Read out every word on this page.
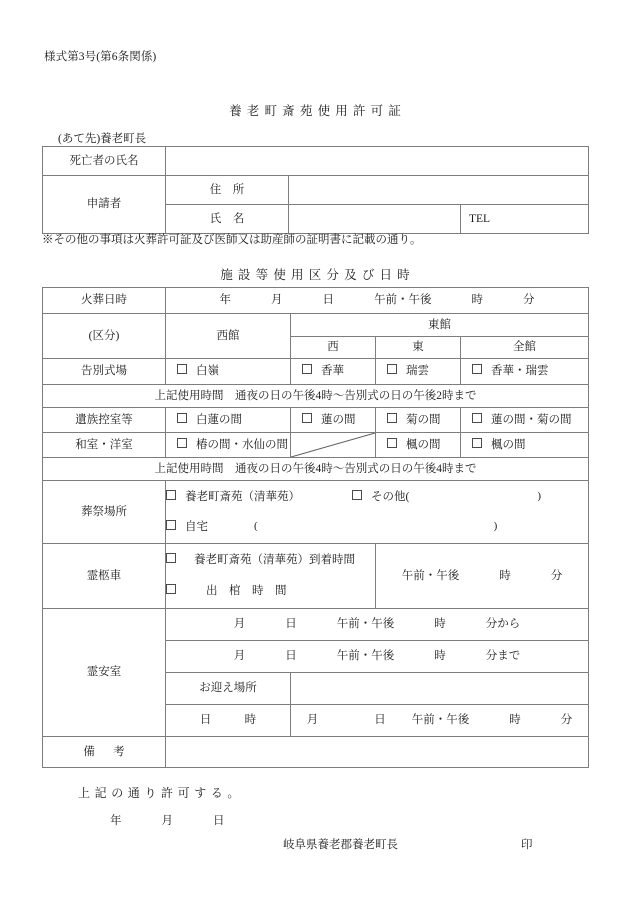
様式第3号(第6条関係)
養老町斎苑使用許可証
(あて先)養老町長
死亡者の氏名			
申請者	住　所		
	氏　名		TEL
※その他の事項は火葬許可証及び医師又は助産師の証明書に記載の通り。
施設等使用区分及び日時
火葬日時	年 月 日 午前・午後 時 分			
(区分)	西館	東館		
		西	東	全館
告別式場	白嶺	香華	瑞雲	香華・瑞雲
上記使用時間　通夜の日の午後4時～告別式の日の午後2時まで				
遺族控室等	白蓮の間	蓮の間	菊の間	蓮の間・菊の間
和室・洋室	椿の間・水仙の間		楓の間	楓の間
上記使用時間　通夜の日の午後4時～告別式の日の午後4時まで				
葬祭場所	
養老町斎苑（清華苑）	その他(	)
自宅	(	)

霊柩車	養老町斎苑（清華苑）到着時間
出　棺　時　間		午前・午後 時 分	
霊安室	月 日 午前・午後 時 分から			
	月 日 午前・午後 時 分まで			
	お迎え場所			
	日　　時	月 日 午前・午後 時 分		
備　考				
上記の通り許可する。
年	月	日
岐阜県養老郡養老町長	印
